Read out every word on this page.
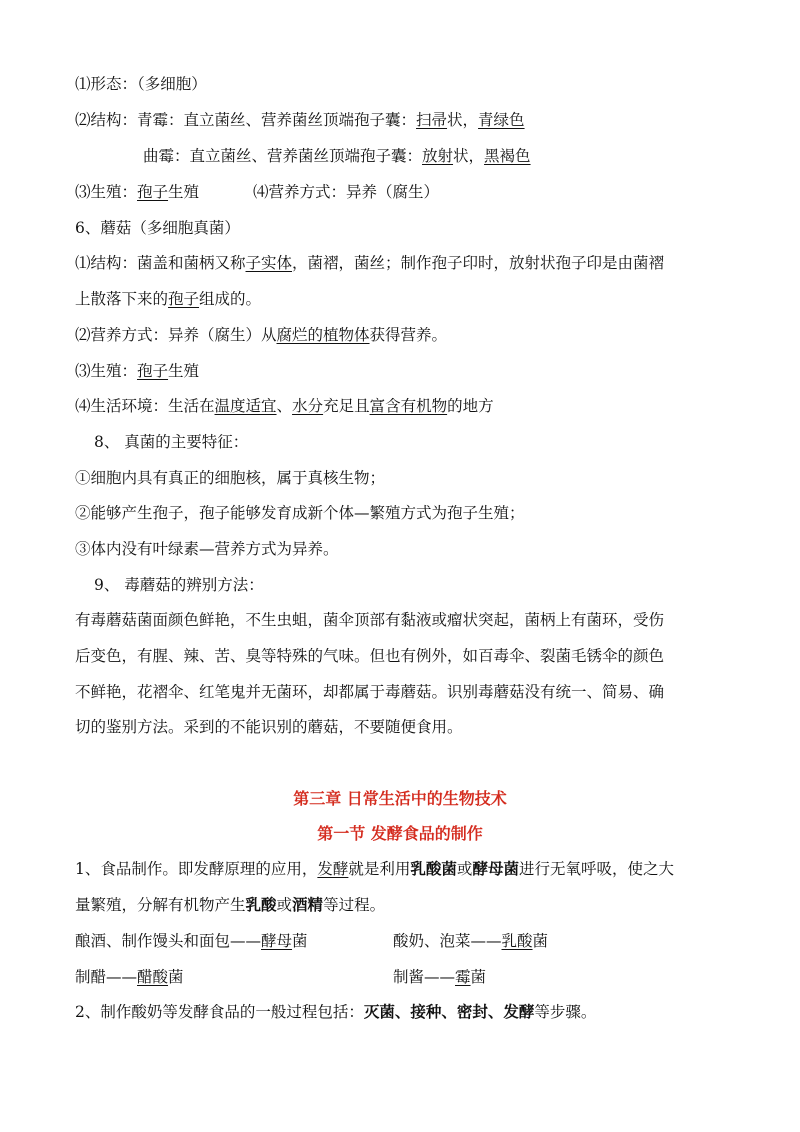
⑴形态：（多细胞）
⑵结构：青霉：直立菌丝、营养菌丝顶端孢子囊：扫帚状，青绿色
曲霉：直立菌丝、营养菌丝顶端孢子囊：放射状，黑褐色
⑶生殖：孢子生殖	⑷营养方式：异养（腐生）
6、蘑菇（多细胞真菌）
⑴结构：菌盖和菌柄又称子实体，菌褶，菌丝；制作孢子印时，放射状孢子印是由菌褶
上散落下来的孢子组成的。
⑵营养方式：异养（腐生）从腐烂的植物体获得营养。
⑶生殖：孢子生殖
⑷生活环境：生活在温度适宜、水分充足且富含有机物的地方
8、 真菌的主要特征：
①细胞内具有真正的细胞核，属于真核生物；
②能够产生孢子，孢子能够发育成新个体—繁殖方式为孢子生殖；
③体内没有叶绿素—营养方式为异养。
9、 毒蘑菇的辨别方法：
有毒蘑菇菌面颜色鲜艳，不生虫蛆，菌伞顶部有黏液或瘤状突起，菌柄上有菌环，受伤
后变色，有腥、辣、苦、臭等特殊的气味。但也有例外，如百毒伞、裂菌毛锈伞的颜色
不鲜艳，花褶伞、红笔鬼并无菌环，却都属于毒蘑菇。识别毒蘑菇没有统一、简易、确
切的鉴别方法。采到的不能识别的蘑菇，不要随便食用。
第三章 日常生活中的生物技术
第一节 发酵食品的制作
1、食品制作。即发酵原理的应用，发酵就是利用乳酸菌或酵母菌进行无氧呼吸，使之大
量繁殖，分解有机物产生乳酸或酒精等过程。
酿酒、制作馒头和面包——酵母菌	酸奶、泡菜——乳酸菌
制醋——醋酸菌	制酱——霉菌
2、制作酸奶等发酵食品的一般过程包括：灭菌、接种、密封、发酵等步骤。
